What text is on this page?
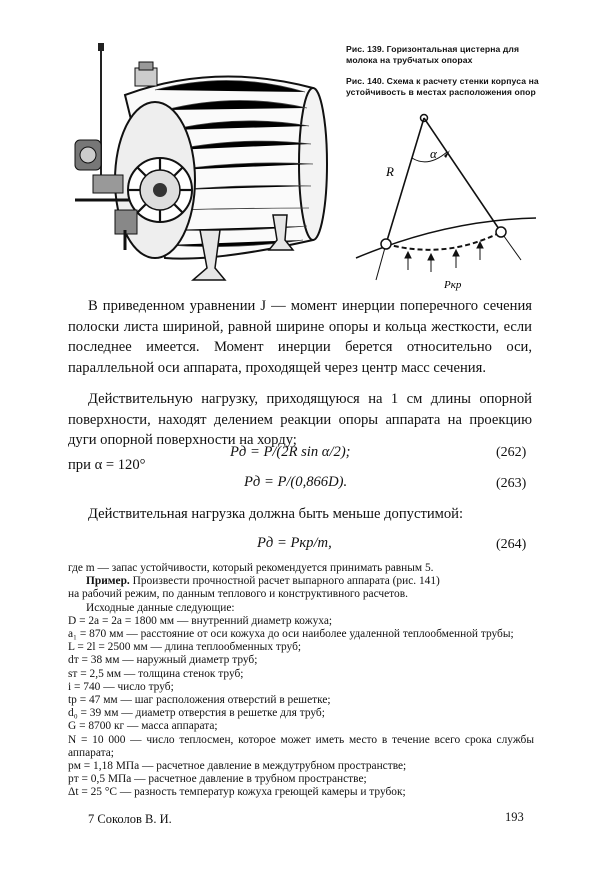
Рис. 139. Горизонтальная цистерна для молока на трубчатых опорах
Рис. 140. Схема к расчету стенки корпуса на устойчивость в местах расположения опор
α
R
Pкр

В приведенном уравнении J — момент инерции поперечного сечения полоски листа шириной, равной ширине опоры и кольца жесткости, если последнее имеется. Момент инерции берется относительно оси, параллельной оси аппарата, проходящей через центр масс сечения.

Действительную нагрузку, приходящуюся на 1 см длины опорной поверхности, находят делением реакции опоры аппарата на проекцию дуги опорной поверхности на хорду;

при α = 120°
Pд = P/(2R sin α/2);	(262)
Pд = P/(0,866D).	(263)
Действительная нагрузка должна быть меньше допустимой:
Pд = Pкр/m,	(264)
где m — запас устойчивости, который рекомендуется принимать равным 5.
Пример. Произвести прочностной расчет выпарного аппарата (рис. 141)
на рабочий режим, по данным теплового и конструктивного расчетов.
Исходные данные следующие:
D = 2a = 2a = 1800 мм — внутренний диаметр кожуха;
a₁ = 870 мм — расстояние от оси кожуха до оси наиболее удаленной теплообменной трубы;
L = 2l = 2500 мм — длина теплообменных труб;
dт = 38 мм — наружный диаметр труб;
sт = 2,5 мм — толщина стенок труб;
i = 740 — число труб;
tр = 47 мм — шаг расположения отверстий в решетке;
d₀ = 39 мм — диаметр отверстия в решетке для труб;
G = 8700 кг — масса аппарата;
N = 10 000 — число теплосмен, которое может иметь место в течение всего срока службы аппарата;
pм = 1,18 МПа — расчетное давление в междутрубном пространстве;
pт = 0,5 МПа — расчетное давление в трубном пространстве;
Δt = 25 °С — разность температур кожуха греющей камеры и трубок;
7 Соколов В. И.	193
